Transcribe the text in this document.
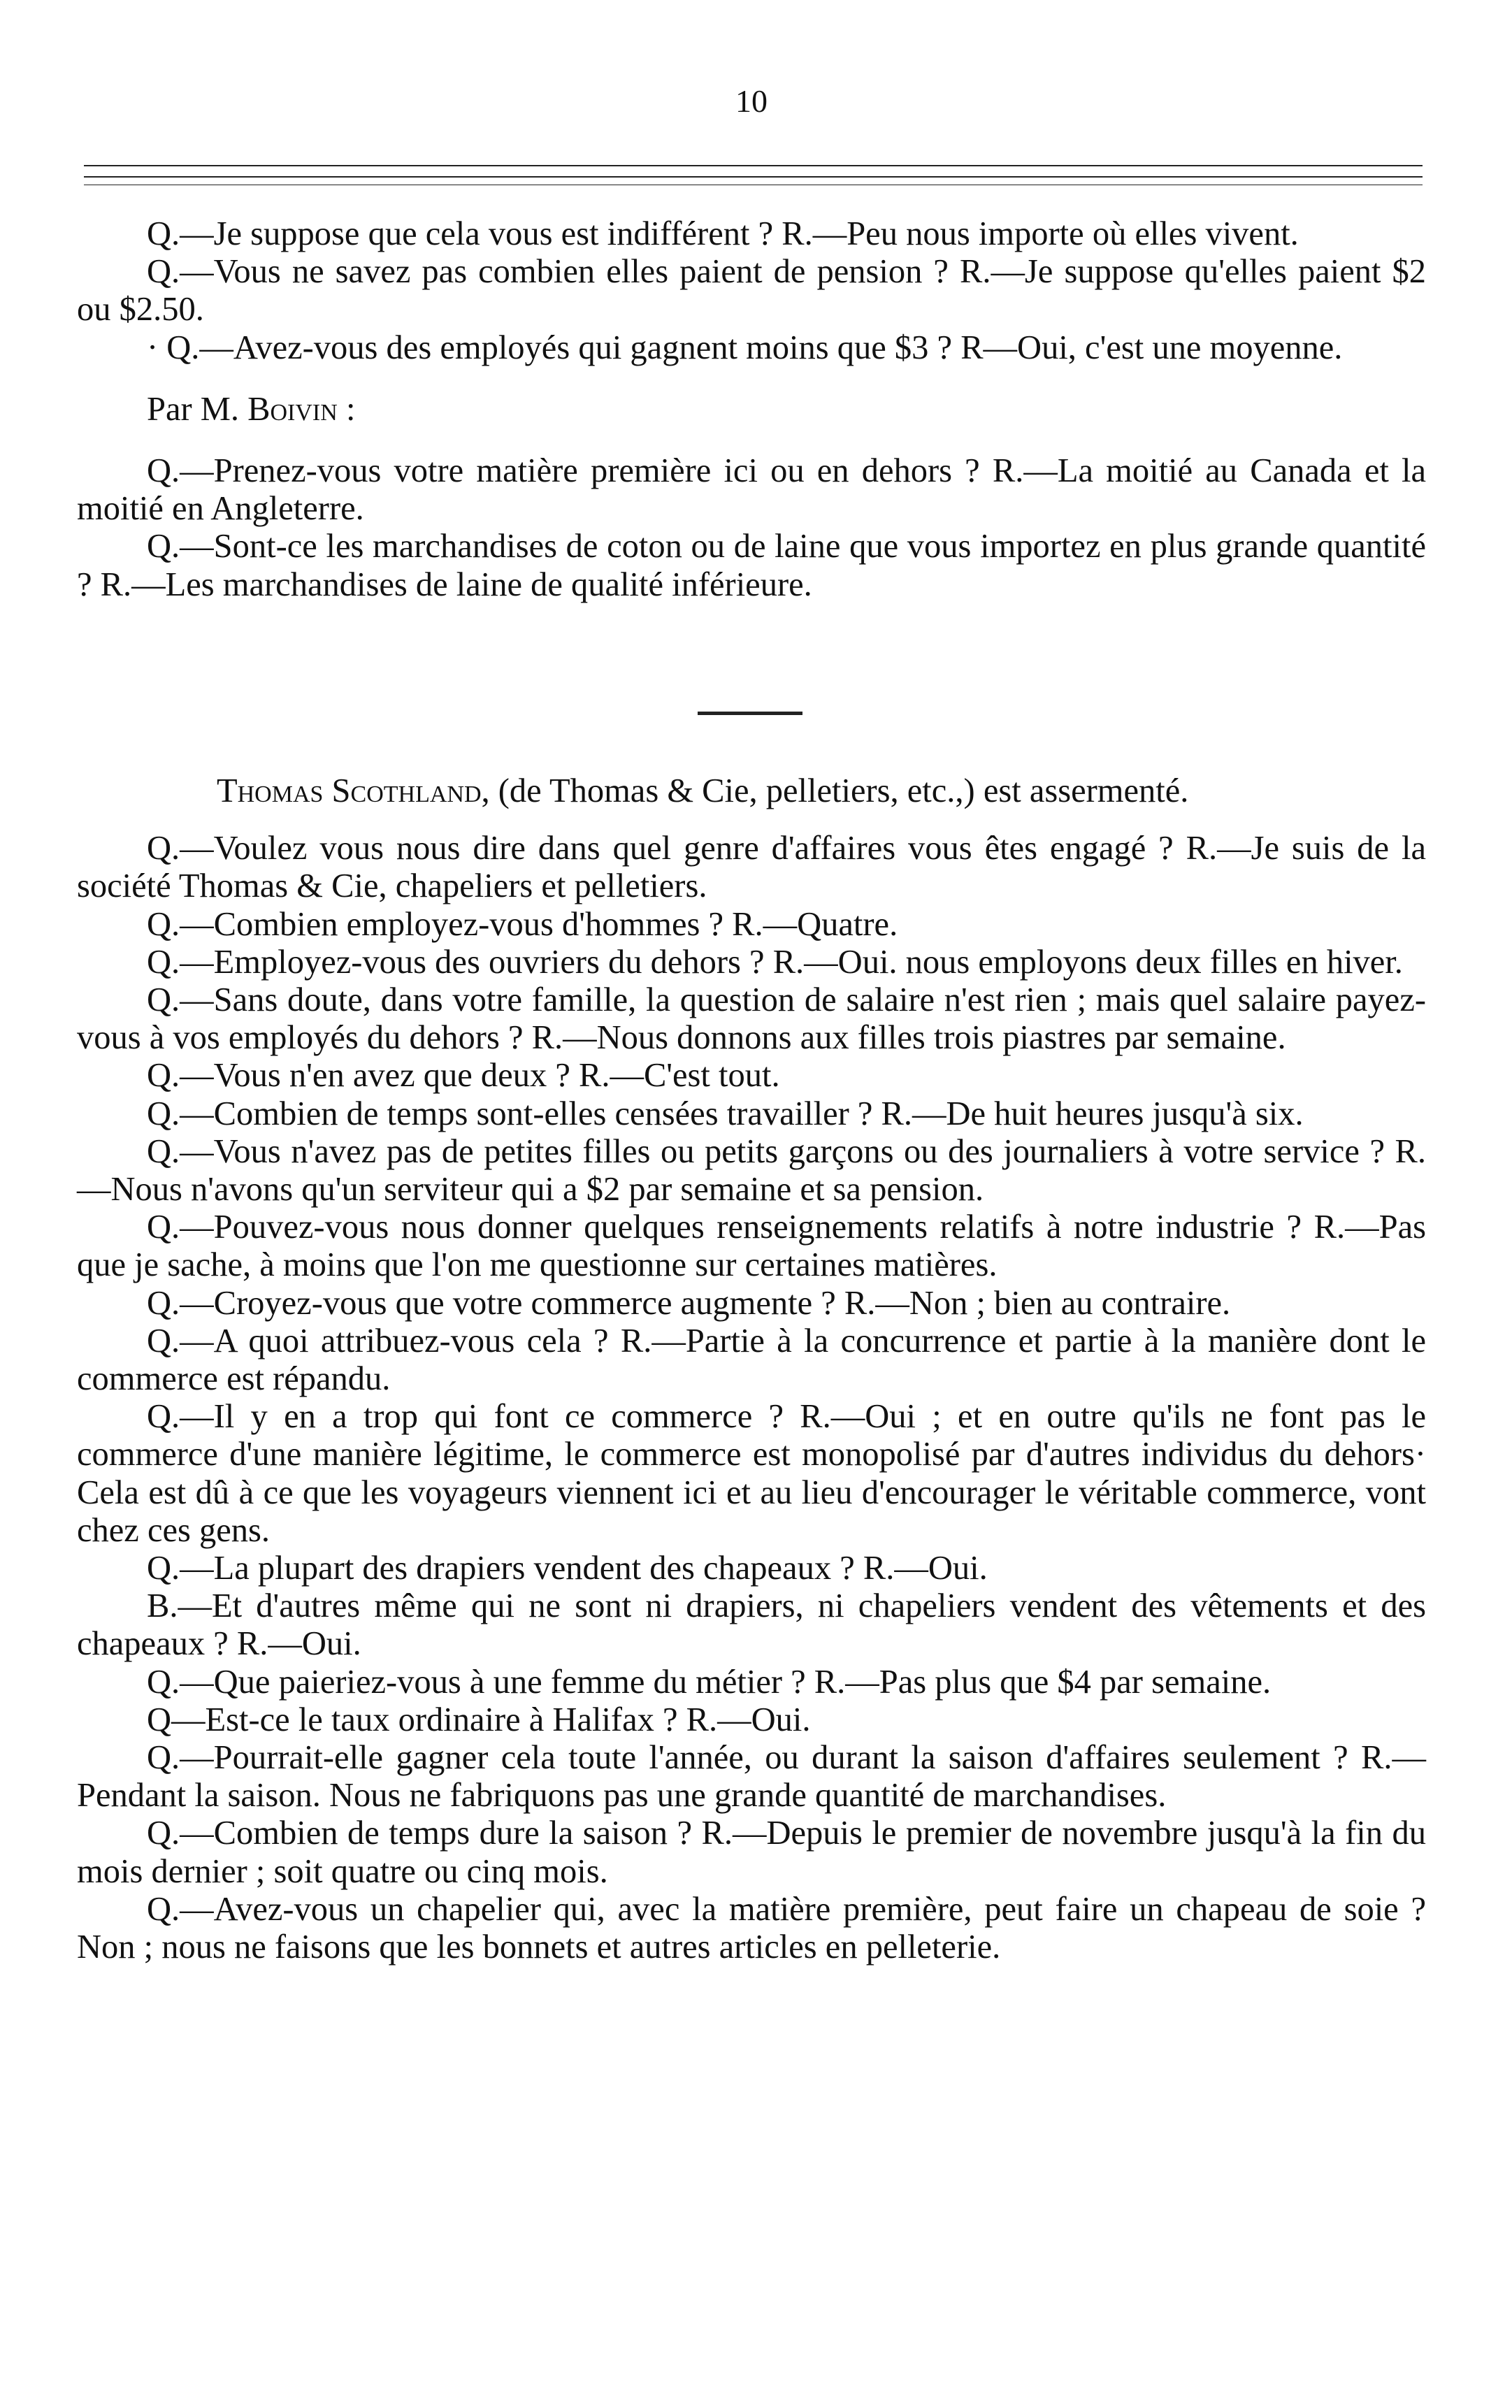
10

Q.—Je suppose que cela vous est indifférent ? R.—Peu nous importe où elles vivent.

Q.—Vous ne savez pas combien elles paient de pension ? R.—Je suppose qu'elles paient $2 ou $2.50.

· Q.—Avez-vous des employés qui gagnent moins que $3 ? R—Oui, c'est une moyenne.

Par M. Boivin :

Q.—Prenez-vous votre matière première ici ou en dehors ? R.—La moitié au Canada et la moitié en Angleterre.

Q.—Sont-ce les marchandises de coton ou de laine que vous importez en plus grande quantité ? R.—Les marchandises de laine de qualité inférieure.

Thomas Scothland, (de Thomas & Cie, pelletiers, etc.,) est assermenté.

Q.—Voulez vous nous dire dans quel genre d'affaires vous êtes engagé ? R.—Je suis de la société Thomas & Cie, chapeliers et pelletiers.

Q.—Combien employez-vous d'hommes ? R.—Quatre.

Q.—Employez-vous des ouvriers du dehors ? R.—Oui. nous employons deux filles en hiver.

Q.—Sans doute, dans votre famille, la question de salaire n'est rien ; mais quel salaire payez-vous à vos employés du dehors ? R.—Nous donnons aux filles trois piastres par semaine.

Q.—Vous n'en avez que deux ? R.—C'est tout.

Q.—Combien de temps sont-elles censées travailler ? R.—De huit heures jusqu'à six.

Q.—Vous n'avez pas de petites filles ou petits garçons ou des journaliers à votre service ? R.—Nous n'avons qu'un serviteur qui a $2 par semaine et sa pension.

Q.—Pouvez-vous nous donner quelques renseignements relatifs à notre industrie ? R.—Pas que je sache, à moins que l'on me questionne sur certaines matières.

Q.—Croyez-vous que votre commerce augmente ? R.—Non ; bien au contraire.

Q.—A quoi attribuez-vous cela ? R.—Partie à la concurrence et partie à la manière dont le commerce est répandu.

Q.—Il y en a trop qui font ce commerce ? R.—Oui ; et en outre qu'ils ne font pas le commerce d'une manière légitime, le commerce est monopolisé par d'autres individus du dehors· Cela est dû à ce que les voyageurs viennent ici et au lieu d'encourager le véritable commerce, vont chez ces gens.

Q.—La plupart des drapiers vendent des chapeaux ? R.—Oui.

B.—Et d'autres même qui ne sont ni drapiers, ni chapeliers vendent des vêtements et des chapeaux ? R.—Oui.

Q.—Que paieriez-vous à une femme du métier ? R.—Pas plus que $4 par semaine.

Q—Est-ce le taux ordinaire à Halifax ? R.—Oui.

Q.—Pourrait-elle gagner cela toute l'année, ou durant la saison d'affaires seulement ? R.—Pendant la saison. Nous ne fabriquons pas une grande quantité de marchandises.

Q.—Combien de temps dure la saison ? R.—Depuis le premier de novembre jusqu'à la fin du mois dernier ; soit quatre ou cinq mois.

Q.—Avez-vous un chapelier qui, avec la matière première, peut faire un chapeau de soie ? Non ; nous ne faisons que les bonnets et autres articles en pelleterie.
